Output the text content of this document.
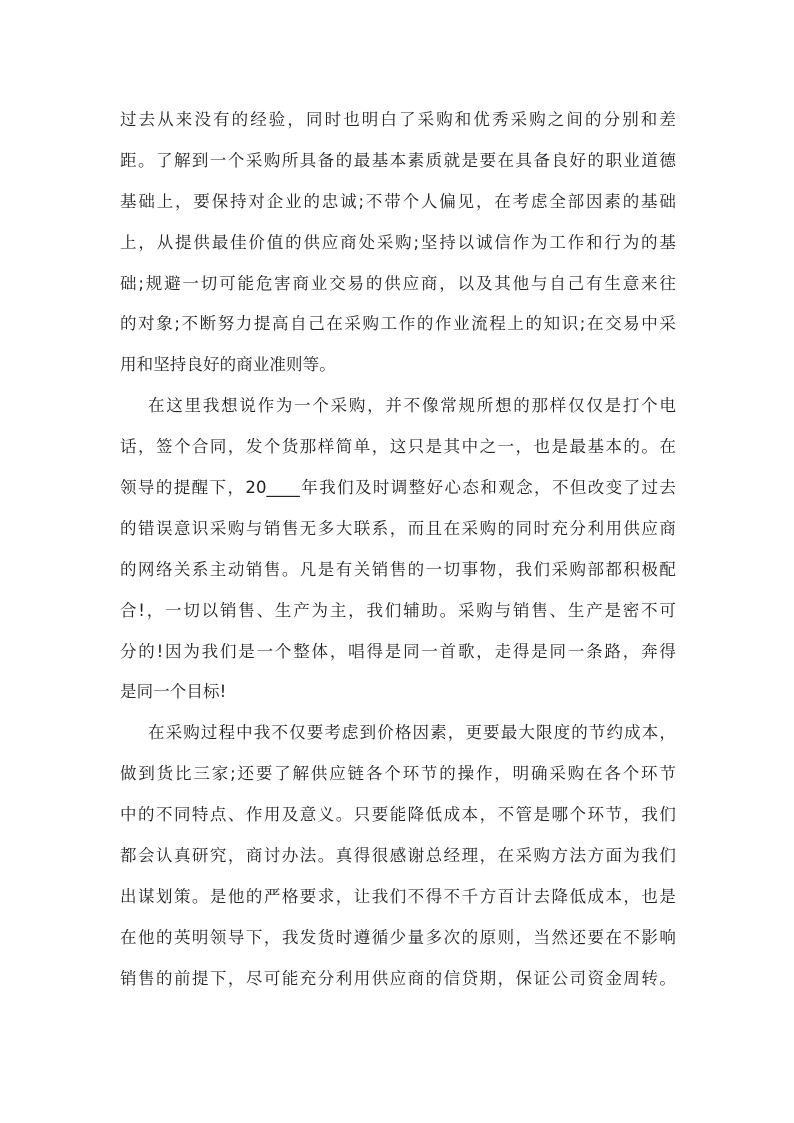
过去从来没有的经验，同时也明白了采购和优秀采购之间的分别和差
距。了解到一个采购所具备的最基本素质就是要在具备良好的职业道德
基础上，要保持对企业的忠诚;不带个人偏见，在考虑全部因素的基础
上，从提供最佳价值的供应商处采购;坚持以诚信作为工作和行为的基
础;规避一切可能危害商业交易的供应商，以及其他与自己有生意来往
的对象;不断努力提高自己在采购工作的作业流程上的知识;在交易中采
用和坚持良好的商业准则等。
在这里我想说作为一个采购，并不像常规所想的那样仅仅是打个电
话，签个合同，发个货那样简单，这只是其中之一，也是最基本的。在
领导的提醒下，20____年我们及时调整好心态和观念，不但改变了过去
的错误意识采购与销售无多大联系，而且在采购的同时充分利用供应商
的网络关系主动销售。凡是有关销售的一切事物，我们采购部都积极配
合!，一切以销售、生产为主，我们辅助。采购与销售、生产是密不可
分的!因为我们是一个整体，唱得是同一首歌，走得是同一条路，奔得
是同一个目标!
在采购过程中我不仅要考虑到价格因素，更要最大限度的节约成本，
做到货比三家;还要了解供应链各个环节的操作，明确采购在各个环节
中的不同特点、作用及意义。只要能降低成本，不管是哪个环节，我们
都会认真研究，商讨办法。真得很感谢总经理，在采购方法方面为我们
出谋划策。是他的严格要求，让我们不得不千方百计去降低成本，也是
在他的英明领导下，我发货时遵循少量多次的原则，当然还要在不影响
销售的前提下，尽可能充分利用供应商的信贷期，保证公司资金周转。
